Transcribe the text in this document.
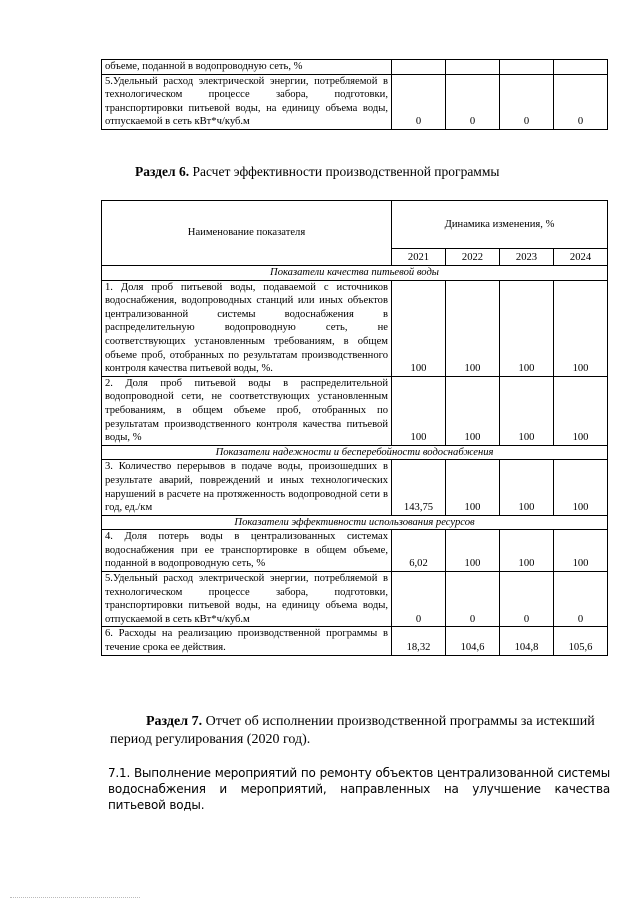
объеме, поданной в водопроводную сеть, %				
5.Удельный расход электрической энергии, потребляемой в технологическом процессе забора, подготовки, транспортировки питьевой воды, на единицу объема воды, отпускаемой в сеть кВт*ч/куб.м	0	0	0	0
Раздел 6. Расчет эффективности производственной программы
Наименование показателя	Динамика изменения, %			
	2021	2022	2023	2024
Показатели качества питьевой воды				
1. Доля проб питьевой воды, подаваемой с источников водоснабжения, водопроводных станций или иных объектов централизованной системы водоснабжения в распределительную водопроводную сеть, не соответствующих установленным требованиям, в общем объеме проб, отобранных по результатам производственного контроля качества питьевой воды, %.	100	100	100	100
2. Доля проб питьевой воды в распределительной водопроводной сети, не соответствующих установленным требованиям, в общем объеме проб, отобранных по результатам производственного контроля качества питьевой воды, %	100	100	100	100
Показатели надежности и бесперебойности водоснабжения				
3. Количество перерывов в подаче воды, произошедших в результате аварий, повреждений и иных технологических нарушений в расчете на протяженность водопроводной сети в год, ед./км	143,75	100	100	100
Показатели эффективности использования ресурсов				
4. Доля потерь воды в централизованных системах водоснабжения при ее транспортировке в общем объеме, поданной в водопроводную сеть, %	6,02	100	100	100
5.Удельный расход электрической энергии, потребляемой в технологическом процессе забора, подготовки, транспортировки питьевой воды, на единицу объема воды, отпускаемой в сеть кВт*ч/куб.м	0	0	0	0
6. Расходы на реализацию производственной программы в течение срока ее действия.	18,32	104,6	104,8	105,6
Раздел 7. Отчет об исполнении производственной программы за истекший
период регулирования (2020 год).
7.1. Выполнение мероприятий по ремонту объектов централизованной системы водоснабжения и мероприятий, направленных на улучшение качества питьевой воды.
